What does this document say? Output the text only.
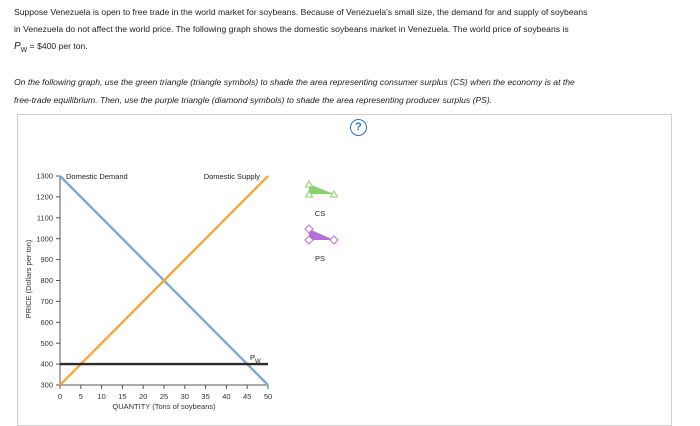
Suppose Venezuela is open to free trade in the world market for soybeans. Because of Venezuela's small size, the demand for and supply of soybeans

in Venezuela do not affect the world price. The following graph shows the domestic soybeans market in Venezuela. The world price of soybeans is

$P_W$ = $400 per ton.

On the following graph, use the green triangle (triangle symbols) to shade the area representing consumer surplus (CS) when the economy is at the

free-trade equilibrium. Then, use the purple triangle (diamond symbols) to shade the area representing producer surplus (PS).

?
300
400
500
600
700
800
900
1000
1100
1200
1300
0 5 10 15 20 25 30 35 40 45 50
PRICE (Dollars per ton)
QUANTITY (Tons of soybeans)
Domestic Demand	Domestic Supply
$P_W$
CS
PS
